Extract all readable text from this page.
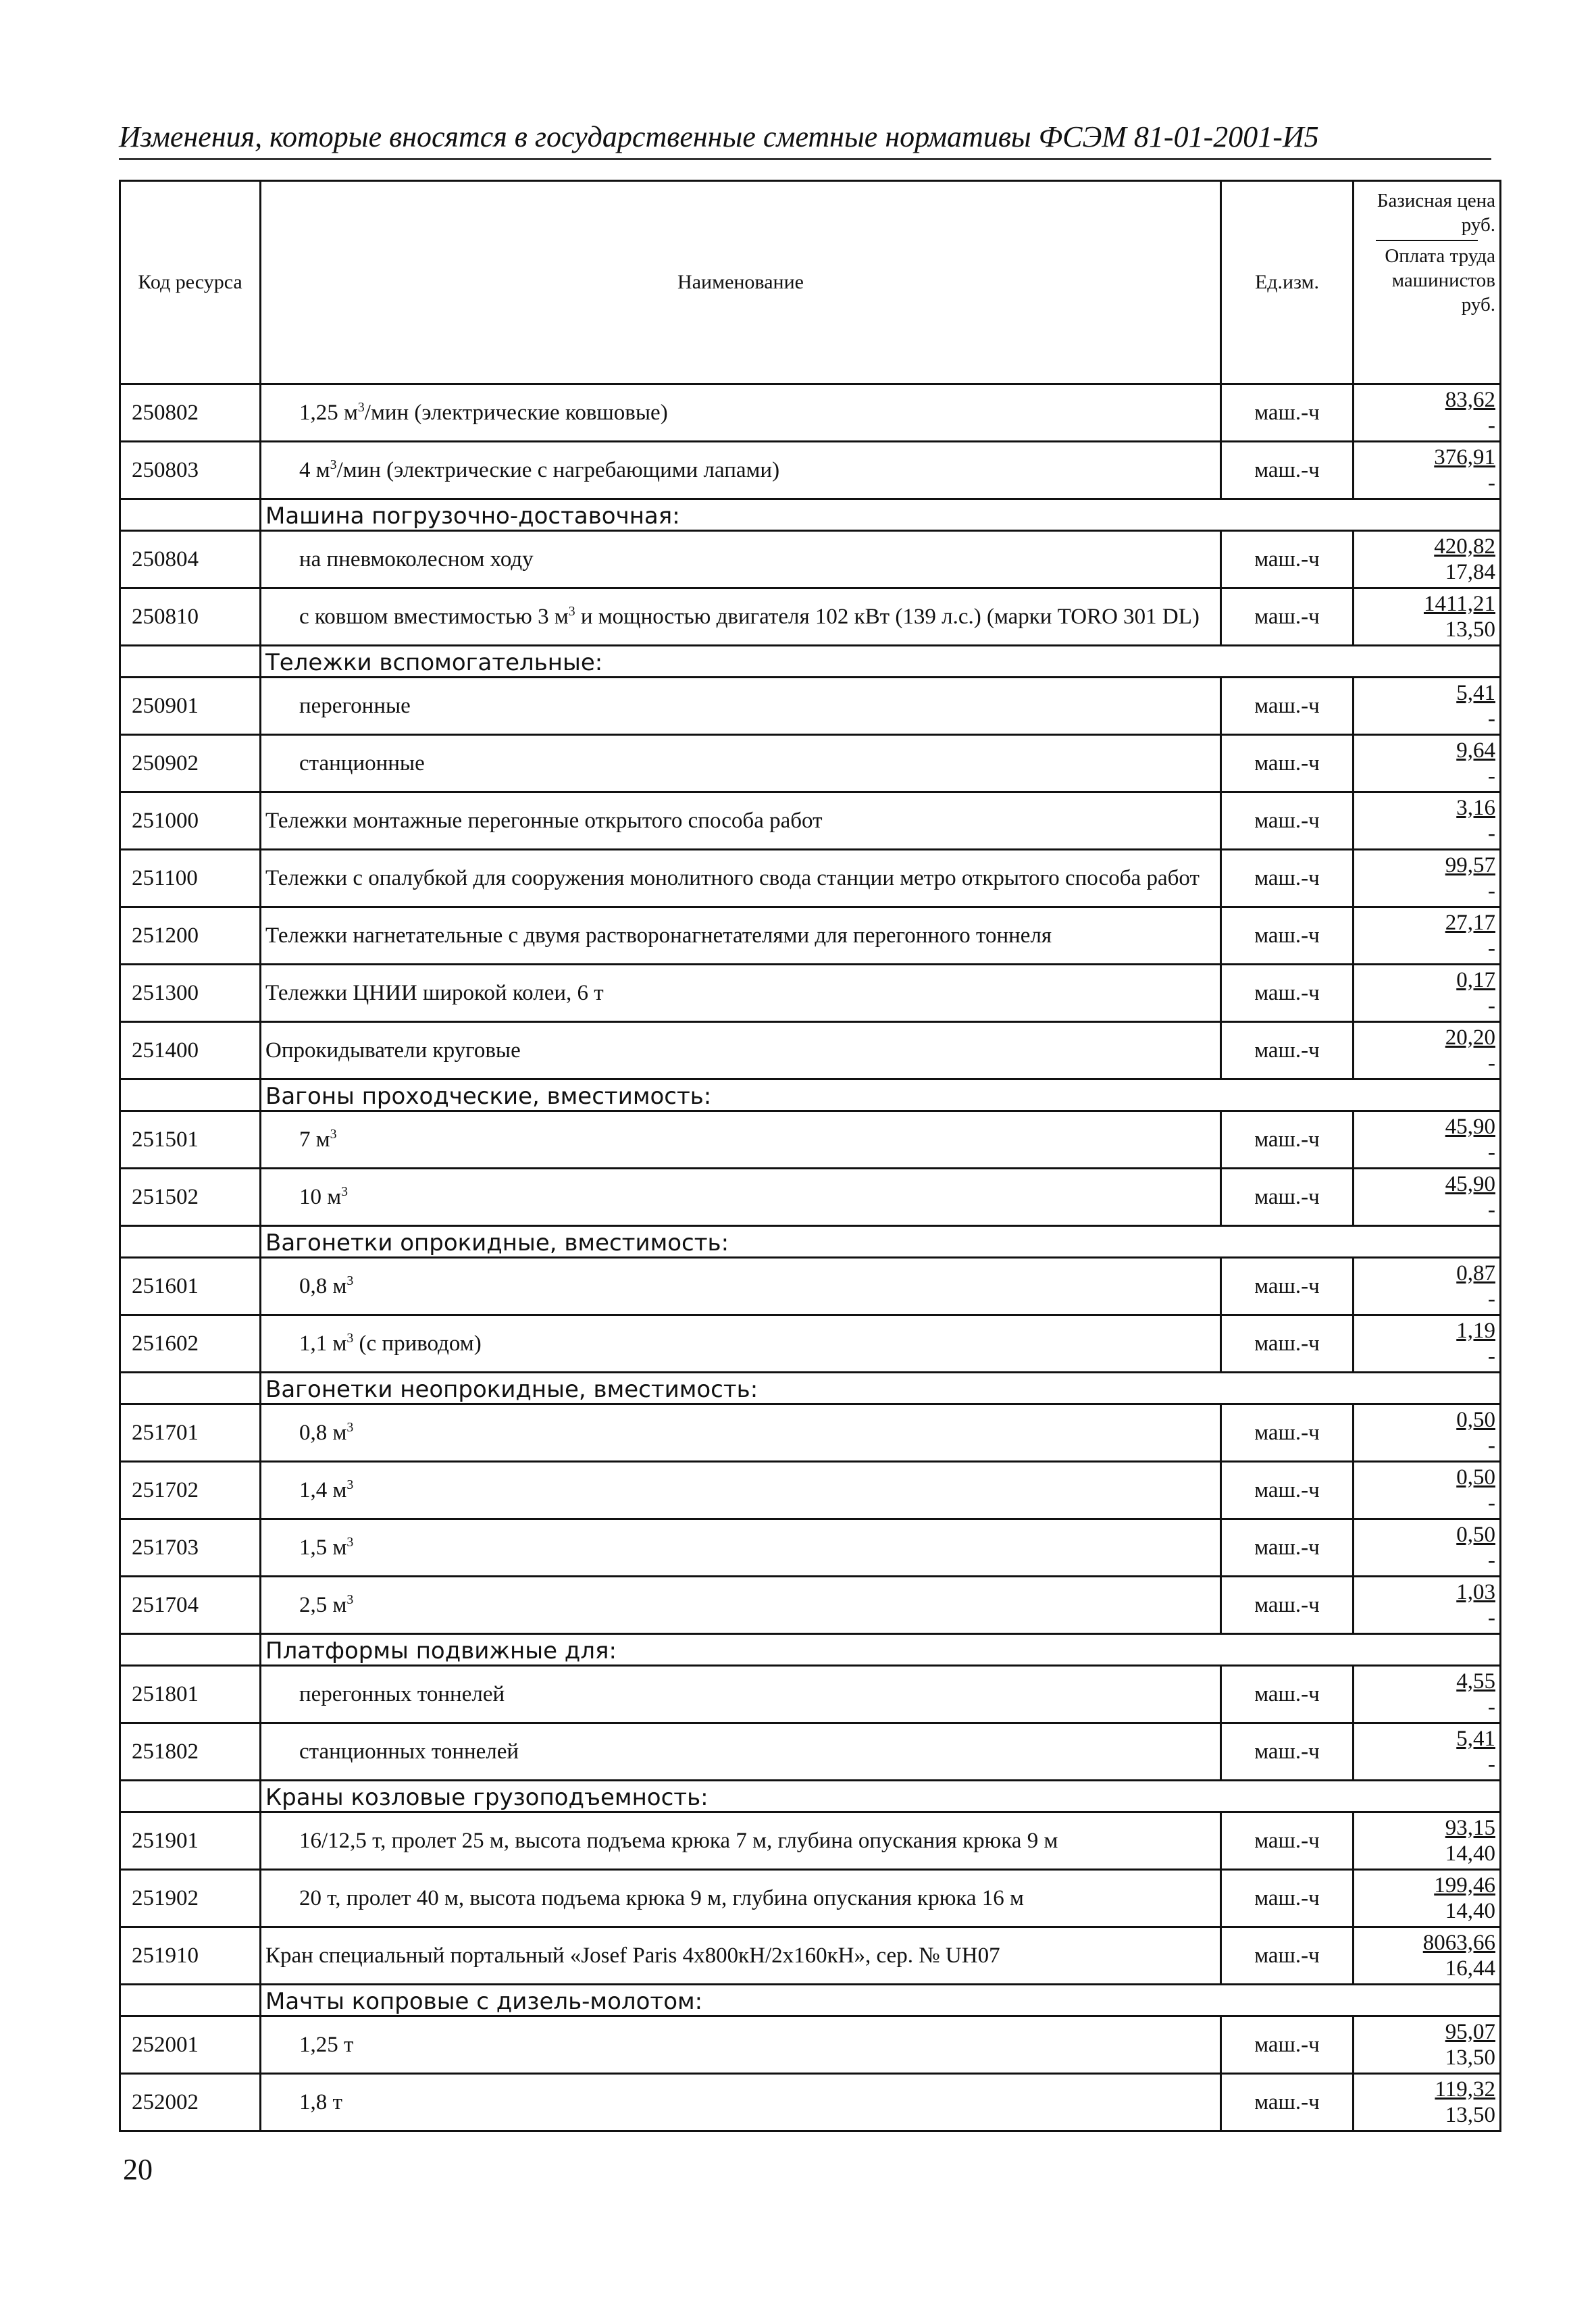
Изменения, которые вносятся в государственные сметные нормативы ФСЭМ 81-01-2001-И5
Код ресурса	Наименование	Ед.изм.	Базисная цена руб.
Оплата труда машинистов руб.

250802	1,25 $м^3$/мин (электрические ковшовые)	маш.-ч	83,62
-

250803	4 $м^3$/мин (электрические с нагребающими лапами)	маш.-ч	376,91
-

	Машина погрузочно-доставочная:		
250804	на пневмоколесном ходу	маш.-ч	420,82
17,84

250810	с ковшом вместимостью 3 $м^3$ и мощностью двигателя 102 кВт (139 л.с.) (марки TORO 301 DL)	маш.-ч	1411,21
13,50

	Тележки вспомогательные:		
250901	перегонные	маш.-ч	5,41
-

250902	станционные	маш.-ч	9,64
-

251000	Тележки монтажные перегонные открытого способа работ	маш.-ч	3,16
-

251100	Тележки с опалубкой для сооружения монолитного свода станции метро открытого способа работ	маш.-ч	99,57
-

251200	Тележки нагнетательные с двумя растворонагнетателями для перегонного тоннеля	маш.-ч	27,17
-

251300	Тележки ЦНИИ широкой колеи, 6 т	маш.-ч	0,17
-

251400	Опрокидыватели круговые	маш.-ч	20,20
-

	Вагоны проходческие, вместимость:		
251501	7 $м^3$	маш.-ч	45,90
-

251502	10 $м^3$	маш.-ч	45,90
-

	Вагонетки опрокидные, вместимость:		
251601	0,8 $м^3$	маш.-ч	0,87
-

251602	1,1 $м^3$ (с приводом)	маш.-ч	1,19
-

	Вагонетки неопрокидные, вместимость:		
251701	0,8 $м^3$	маш.-ч	0,50
-

251702	1,4 $м^3$	маш.-ч	0,50
-

251703	1,5 $м^3$	маш.-ч	0,50
-

251704	2,5 $м^3$	маш.-ч	1,03
-

	Платформы подвижные для:		
251801	перегонных тоннелей	маш.-ч	4,55
-

251802	станционных тоннелей	маш.-ч	5,41
-

	Краны козловые грузоподъемность:		
251901	16/12,5 т, пролет 25 м, высота подъема крюка 7 м, глубина опускания крюка 9 м	маш.-ч	93,15
14,40

251902	20 т, пролет 40 м, высота подъема крюка 9 м, глубина опускания крюка 16 м	маш.-ч	199,46
14,40

251910	Кран специальный портальный «Josef Paris 4x800кН/2x160кН», сер. № UH07	маш.-ч	8063,66
16,44

	Мачты копровые с дизель-молотом:		
252001	1,25 т	маш.-ч	95,07
13,50

252002	1,8 т	маш.-ч	119,32
13,50
20
